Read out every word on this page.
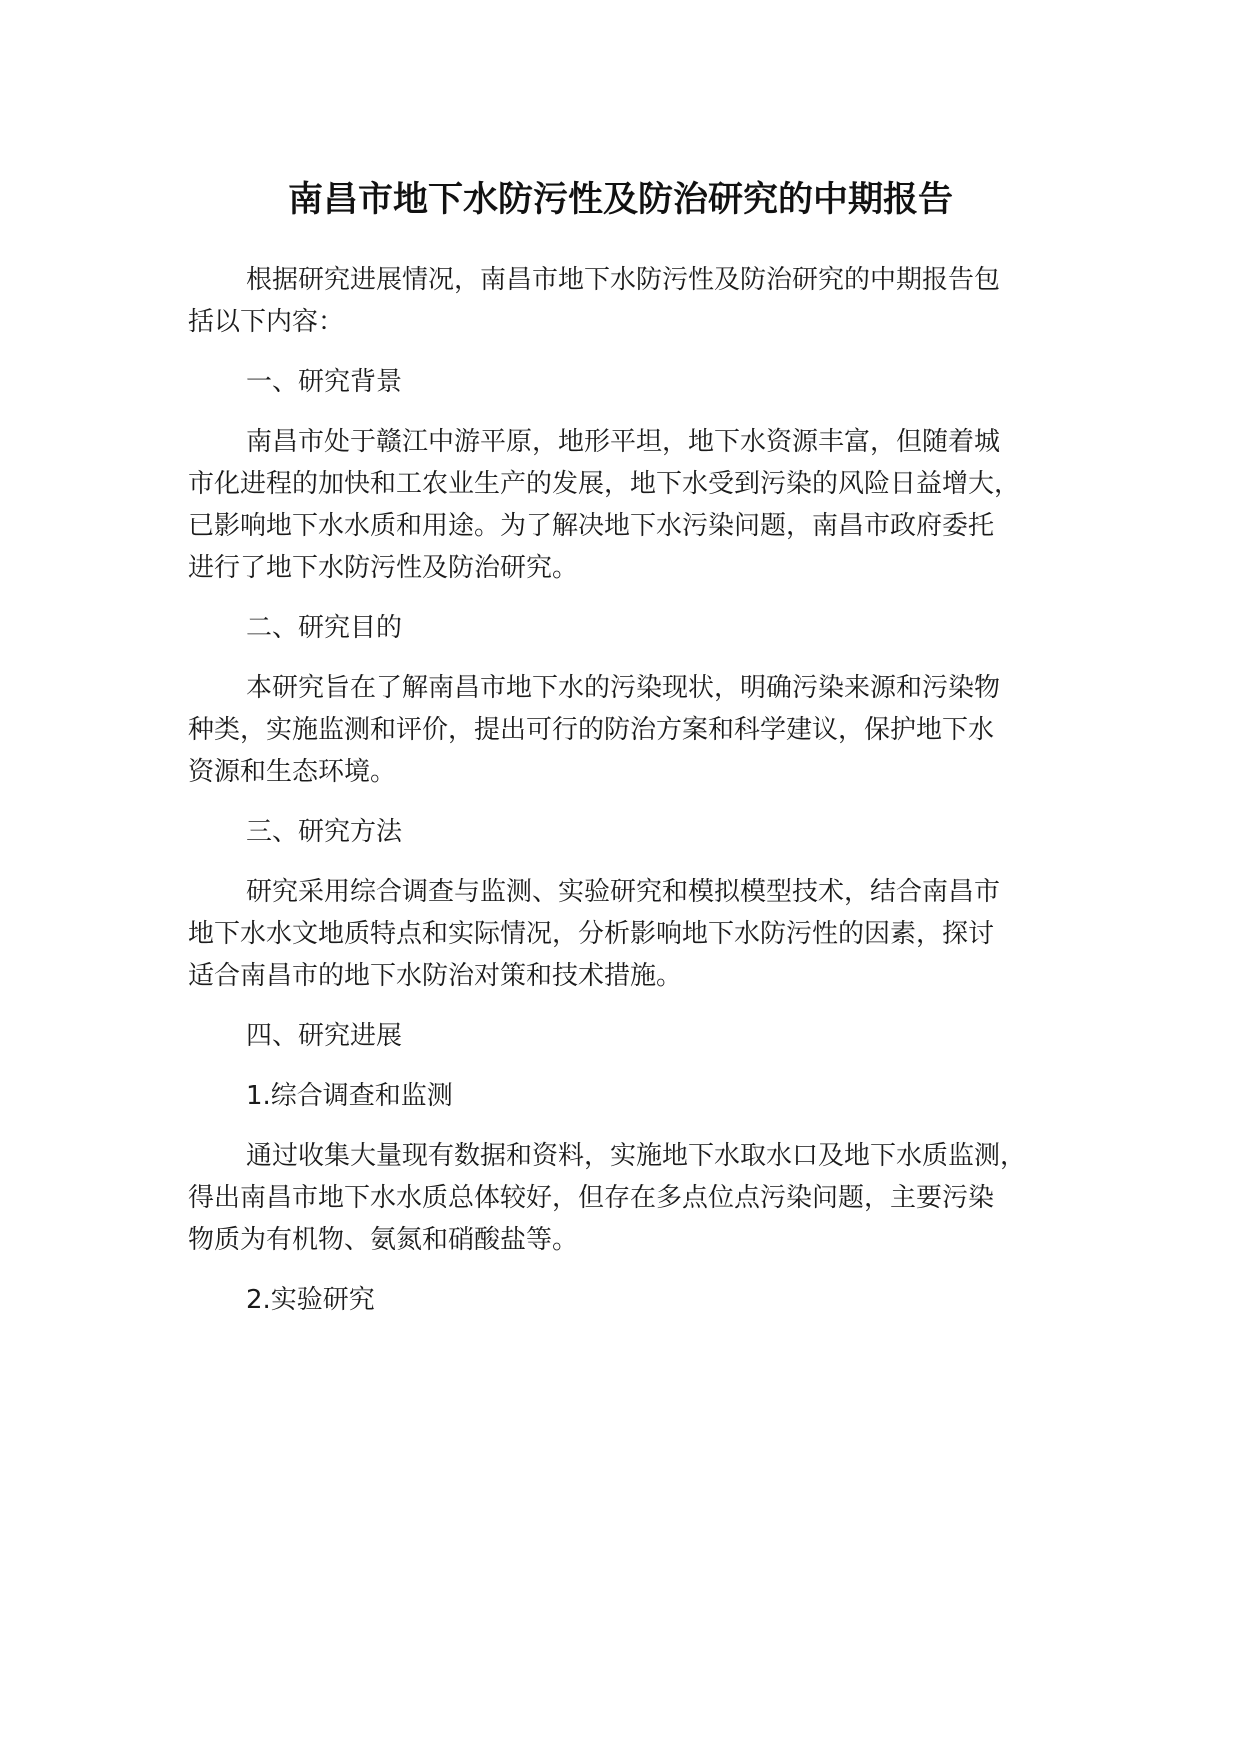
南昌市地下水防污性及防治研究的中期报告

根据研究进展情况，南昌市地下水防污性及防治研究的中期报告包

括以下内容：

一、研究背景

南昌市处于赣江中游平原，地形平坦，地下水资源丰富，但随着城

市化进程的加快和工农业生产的发展，地下水受到污染的风险日益增大，

已影响地下水水质和用途。为了解决地下水污染问题，南昌市政府委托

进行了地下水防污性及防治研究。

二、研究目的

本研究旨在了解南昌市地下水的污染现状，明确污染来源和污染物

种类，实施监测和评价，提出可行的防治方案和科学建议，保护地下水

资源和生态环境。

三、研究方法

研究采用综合调查与监测、实验研究和模拟模型技术，结合南昌市

地下水水文地质特点和实际情况，分析影响地下水防污性的因素，探讨

适合南昌市的地下水防治对策和技术措施。

四、研究进展

1.综合调查和监测

通过收集大量现有数据和资料，实施地下水取水口及地下水质监测，

得出南昌市地下水水质总体较好，但存在多点位点污染问题，主要污染

物质为有机物、氨氮和硝酸盐等。

2.实验研究
